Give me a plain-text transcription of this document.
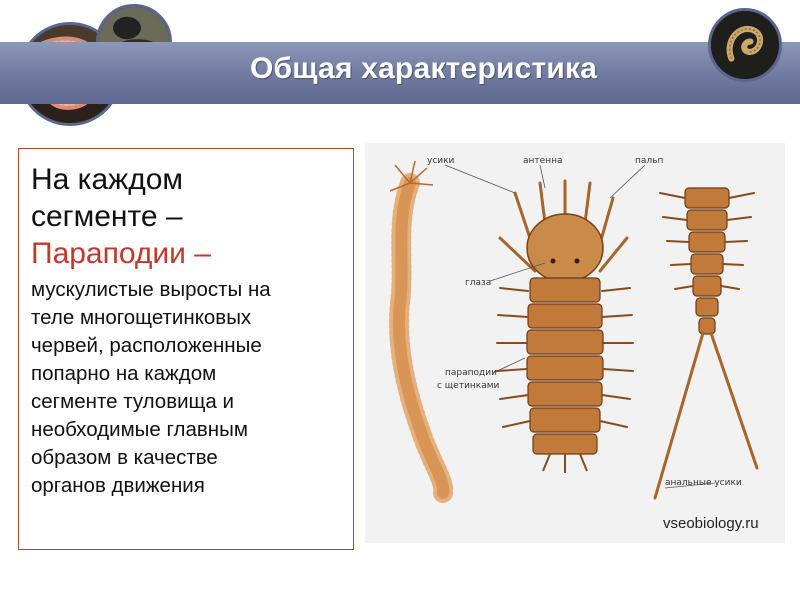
Общая характеристика
На каждом
сегменте –
Параподии –
мускулистые выросты на
теле многощетинковых
червей, расположенные
попарно на каждом
сегменте туловища и
необходимые главным
образом в качестве
органов движения
усики	антенна	пальп
глаза
параподии
с щетинками
анальные усики
vseobiology.ru
